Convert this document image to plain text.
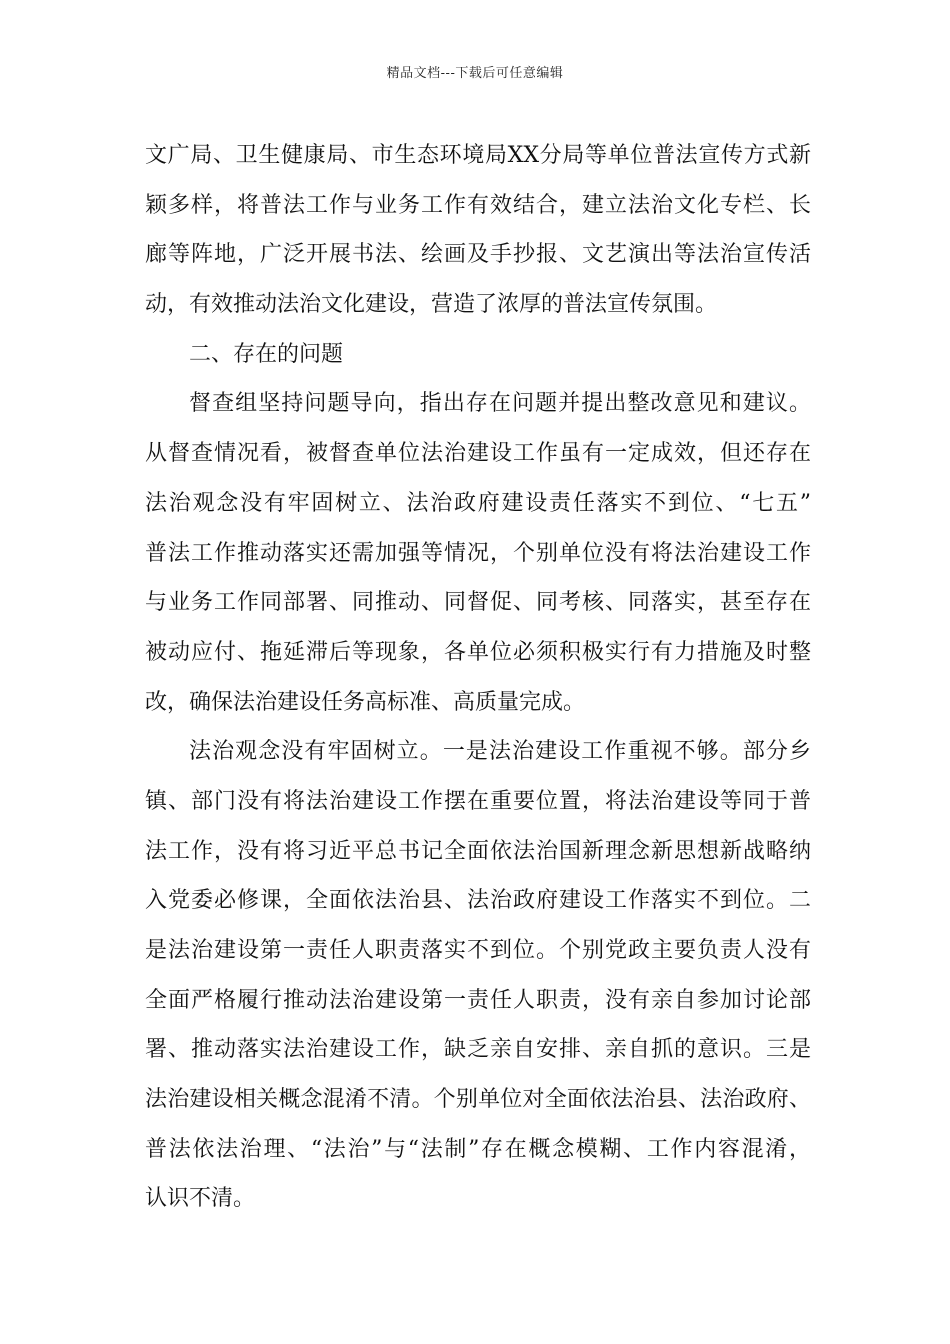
精品文档---下载后可任意编辑
文广局、卫生健康局、市生态环境局XX分局等单位普法宣传方式新
颖多样，将普法工作与业务工作有效结合，建立法治文化专栏、长
廊等阵地，广泛开展书法、绘画及手抄报、文艺演出等法治宣传活
动，有效推动法治文化建设，营造了浓厚的普法宣传氛围。
二、存在的问题
督查组坚持问题导向，指出存在问题并提出整改意见和建议。
从督查情况看，被督查单位法治建设工作虽有一定成效，但还存在
法治观念没有牢固树立、法治政府建设责任落实不到位、“七五”
普法工作推动落实还需加强等情况，个别单位没有将法治建设工作
与业务工作同部署、同推动、同督促、同考核、同落实，甚至存在
被动应付、拖延滞后等现象，各单位必须积极实行有力措施及时整
改，确保法治建设任务高标准、高质量完成。
法治观念没有牢固树立。一是法治建设工作重视不够。部分乡
镇、部门没有将法治建设工作摆在重要位置，将法治建设等同于普
法工作，没有将习近平总书记全面依法治国新理念新思想新战略纳
入党委必修课，全面依法治县、法治政府建设工作落实不到位。二
是法治建设第一责任人职责落实不到位。个别党政主要负责人没有
全面严格履行推动法治建设第一责任人职责，没有亲自参加讨论部
署、推动落实法治建设工作，缺乏亲自安排、亲自抓的意识。三是
法治建设相关概念混淆不清。个别单位对全面依法治县、法治政府、
普法依法治理、“法治”与“法制”存在概念模糊、工作内容混淆，
认识不清。
